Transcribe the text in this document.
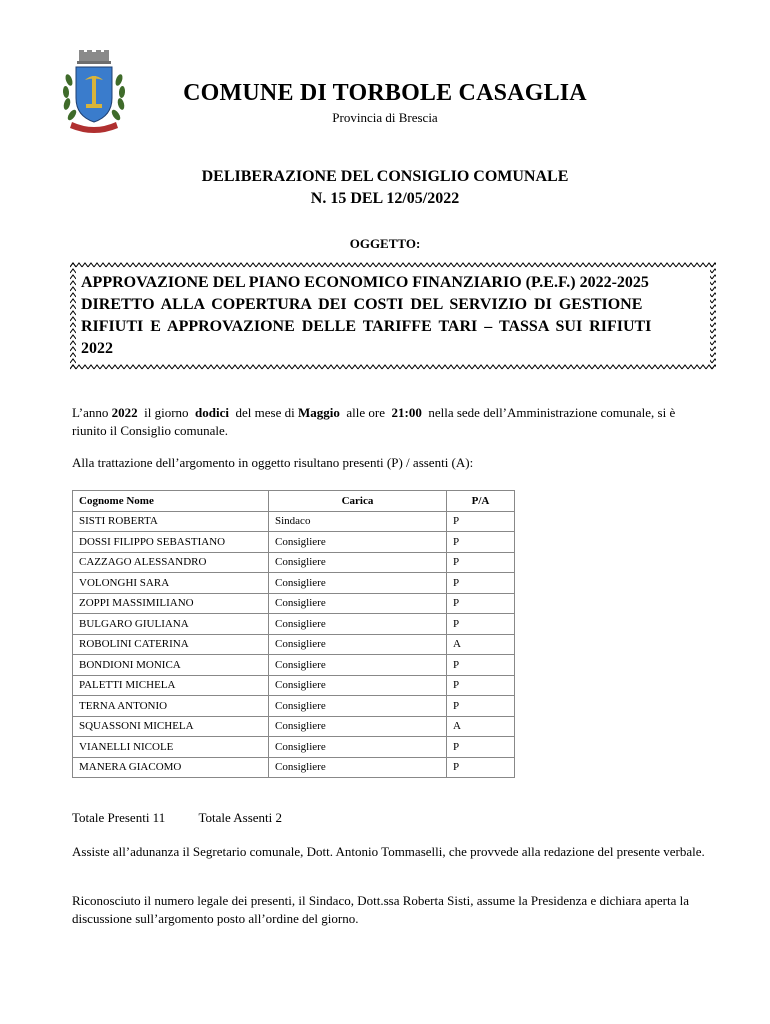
COMUNE DI TORBOLE CASAGLIA
Provincia di Brescia
DELIBERAZIONE DEL CONSIGLIO COMUNALE
N. 15 DEL 12/05/2022
OGGETTO:
APPROVAZIONE DEL PIANO ECONOMICO FINANZIARIO (P.E.F.) 2022-2025
DIRETTO ALLA COPERTURA DEI COSTI DEL SERVIZIO DI GESTIONE
RIFIUTI E APPROVAZIONE DELLE TARIFFE TARI – TASSA SUI RIFIUTI
2022
L’anno 2022  il giorno  dodici  del mese di Maggio  alle ore  21:00  nella sede dell’Amministrazione comunale, si è riunito il Consiglio comunale.
Alla trattazione dell’argomento in oggetto risultano presenti (P) / assenti (A):
Cognome Nome	Carica	P/A
SISTI ROBERTA	Sindaco	P
DOSSI FILIPPO SEBASTIANO	Consigliere	P
CAZZAGO ALESSANDRO	Consigliere	P
VOLONGHI SARA	Consigliere	P
ZOPPI MASSIMILIANO	Consigliere	P
BULGARO GIULIANA	Consigliere	P
ROBOLINI CATERINA	Consigliere	A
BONDIONI MONICA	Consigliere	P
PALETTI MICHELA	Consigliere	P
TERNA ANTONIO	Consigliere	P
SQUASSONI MICHELA	Consigliere	A
VIANELLI NICOLE	Consigliere	P
MANERA GIACOMO	Consigliere	P
Totale Presenti 11	Totale Assenti 2
Assiste all’adunanza il Segretario comunale, Dott. Antonio Tommaselli, che provvede alla redazione del presente verbale.
Riconosciuto il numero legale dei presenti, il Sindaco, Dott.ssa Roberta Sisti, assume la Presidenza e dichiara aperta la discussione sull’argomento posto all’ordine del giorno.
